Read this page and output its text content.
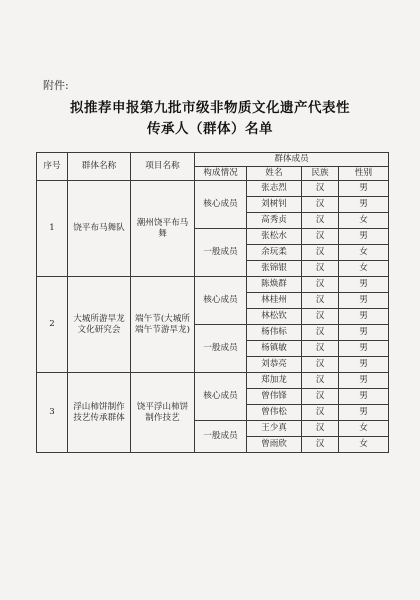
附件:
拟推荐申报第九批市级非物质文化遗产代表性
传承人（群体）名单
序号	群体名称	项目名称	群体成员			
			构成情况	姓名	民族	性别
1	饶平布马舞队	潮州饶平布马舞	核心成员	张志烈	汉	男
				刘树钊	汉	男
				高秀贞	汉	女
			一般成员	张松水	汉	男
				余玩柔	汉	女
				张锦银	汉	女
2	大城所游旱龙文化研究会	端午节(大城所端午节游旱龙)	核心成员	陈焕群	汉	男
				林桂州	汉	男
				林松钦	汉	男
			一般成员	杨伟标	汉	男
				杨镇敏	汉	男
				刘恭亮	汉	男
3	浮山柿饼制作技艺传承群体	饶平浮山柿饼制作技艺	核心成员	郑加龙	汉	男
				曾伟锋	汉	男
				曾伟松	汉	男
			一般成员	王少真	汉	女
				曾雨欣	汉	女
